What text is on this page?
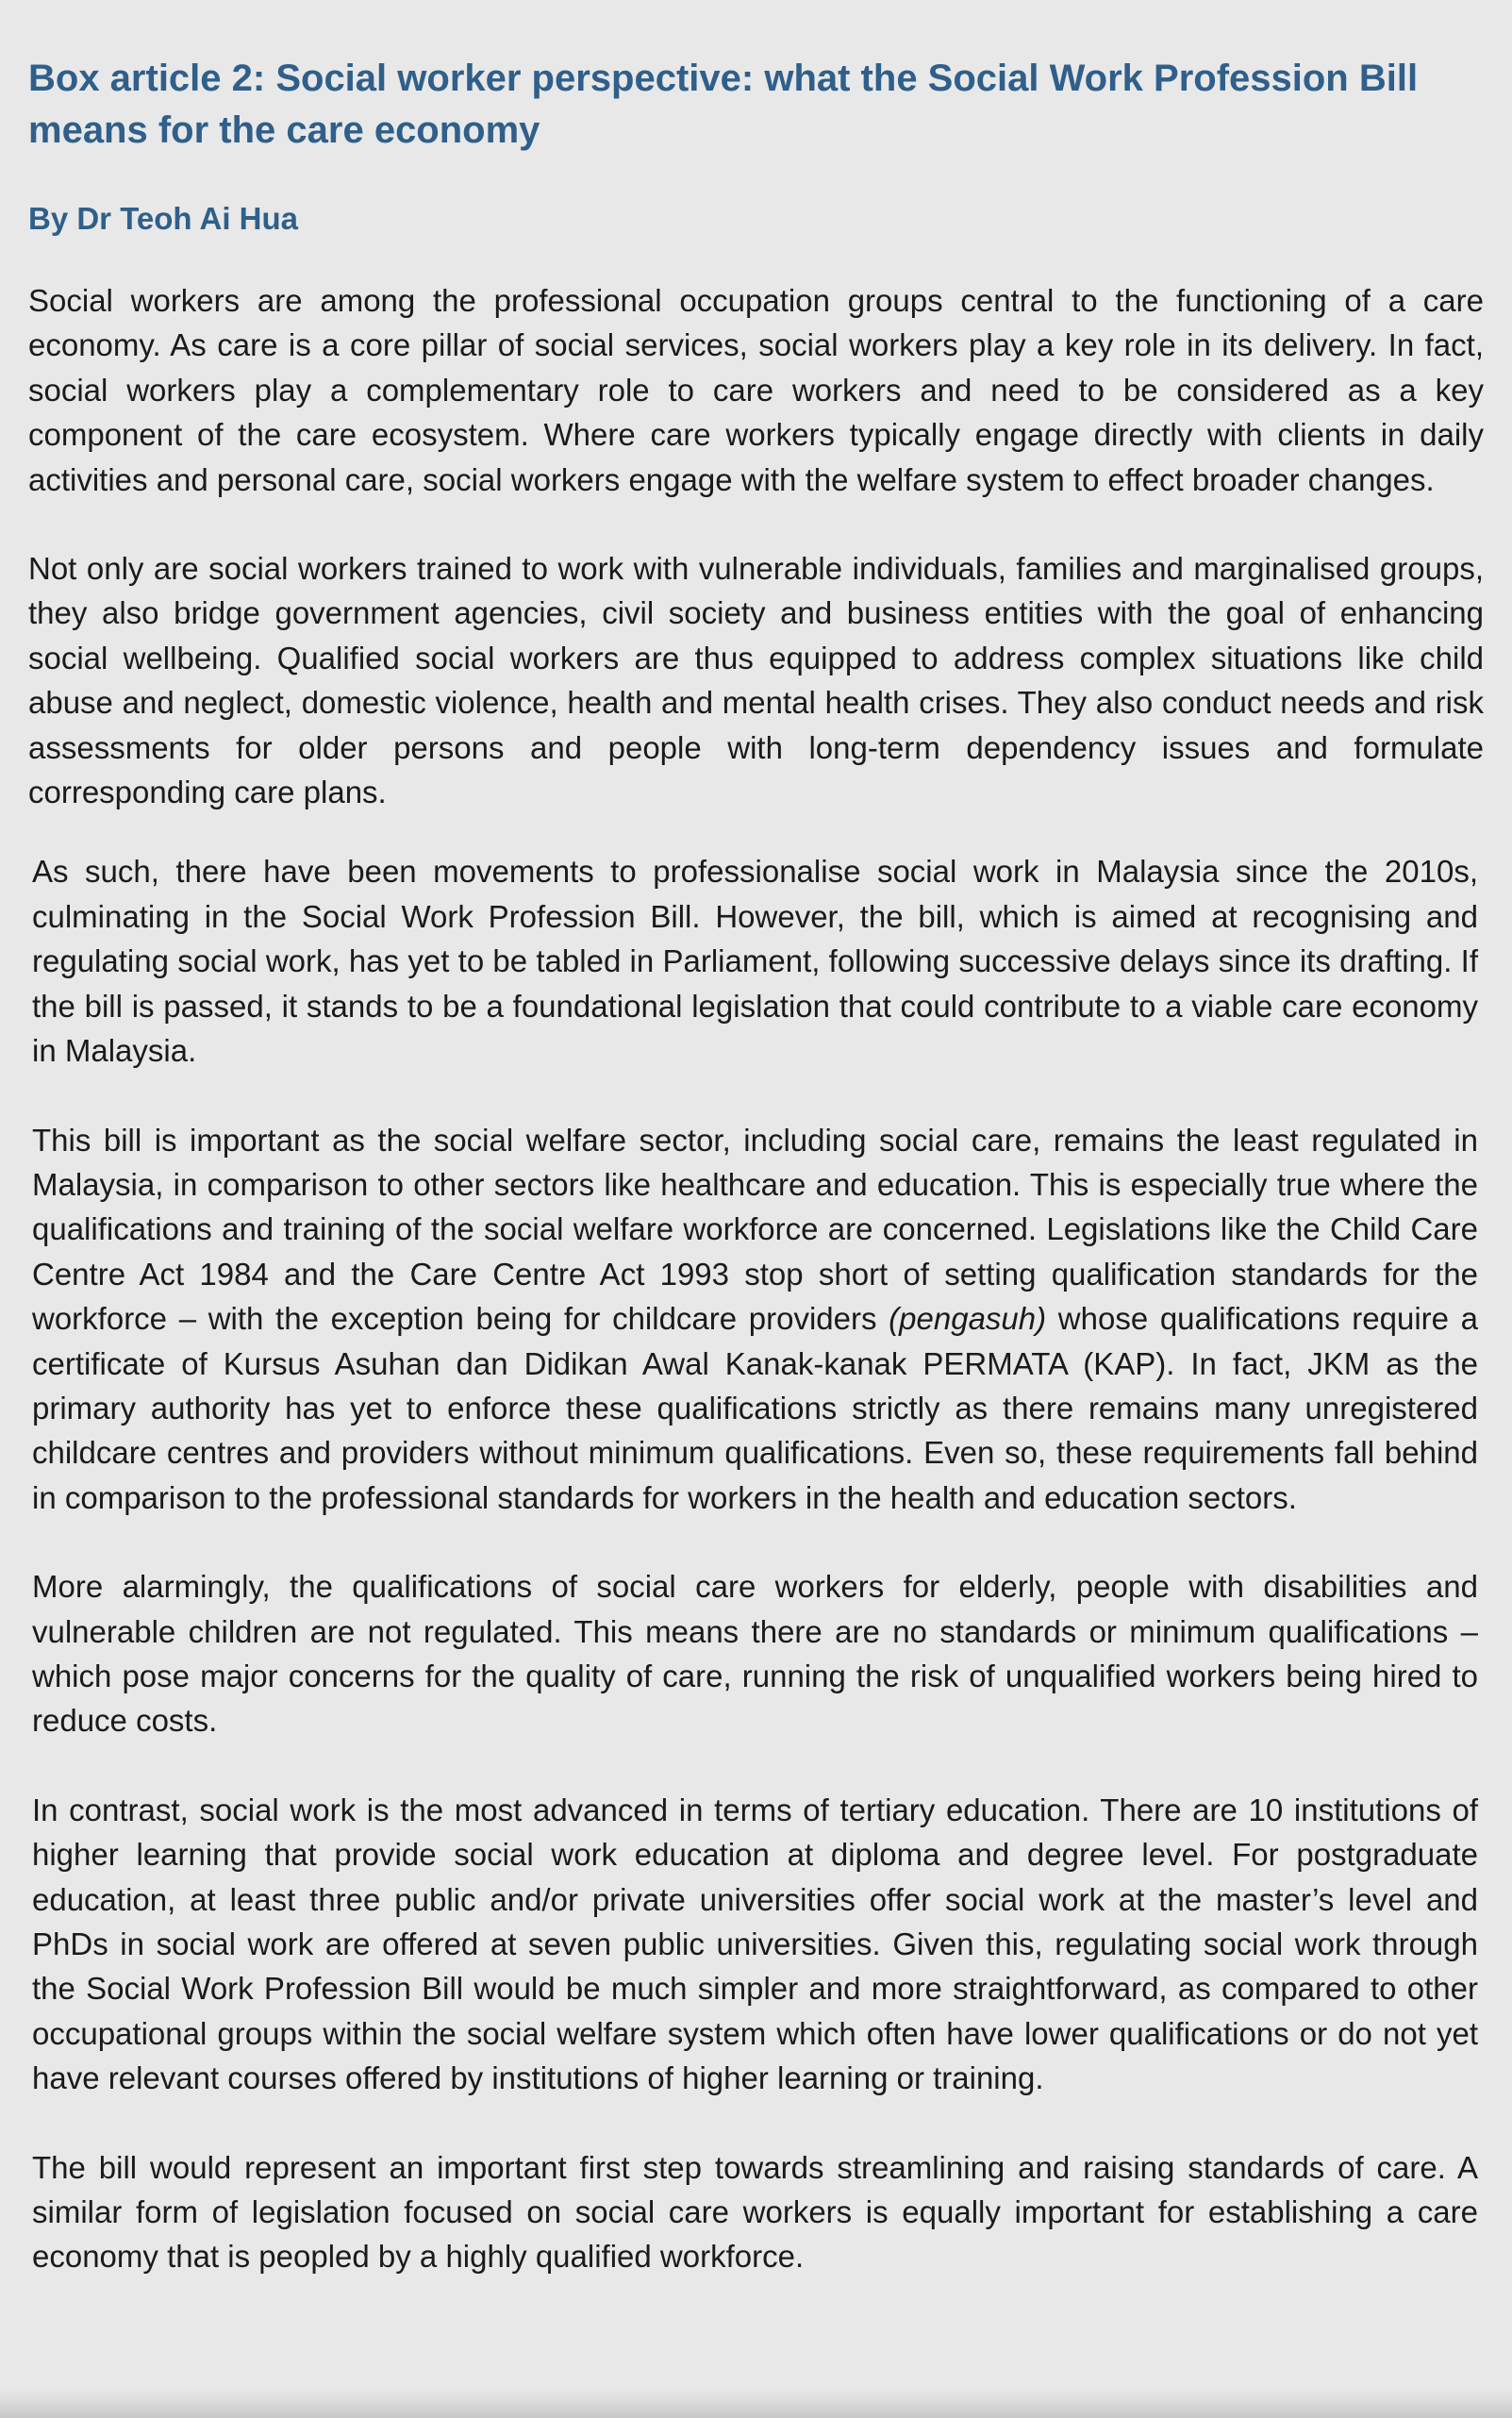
Box article 2: Social worker perspective: what the Social Work Profession Bill means for the care economy

By Dr Teoh Ai Hua

Social workers are among the professional occupation groups central to the functioning of a care economy. As care is a core pillar of social services, social workers play a key role in its delivery. In fact, social workers play a complementary role to care workers and need to be considered as a key component of the care ecosystem. Where care workers typically engage directly with clients in daily activities and personal care, social workers engage with the welfare system to effect broader changes.

Not only are social workers trained to work with vulnerable individuals, families and marginalised groups, they also bridge government agencies, civil society and business entities with the goal of enhancing social wellbeing. Qualified social workers are thus equipped to address complex situations like child abuse and neglect, domestic violence, health and mental health crises. They also conduct needs and risk assessments for older persons and people with long-term dependency issues and formulate corresponding care plans.

As such, there have been movements to professionalise social work in Malaysia since the 2010s, culminating in the Social Work Profession Bill. However, the bill, which is aimed at recognising and regulating social work, has yet to be tabled in Parliament, following successive delays since its drafting. If the bill is passed, it stands to be a foundational legislation that could contribute to a viable care economy in Malaysia.

This bill is important as the social welfare sector, including social care, remains the least regulated in Malaysia, in comparison to other sectors like healthcare and education. This is especially true where the qualifications and training of the social welfare workforce are concerned. Legislations like the Child Care Centre Act 1984 and the Care Centre Act 1993 stop short of setting qualification standards for the workforce – with the exception being for childcare providers (pengasuh) whose qualifications require a certificate of Kursus Asuhan dan Didikan Awal Kanak-kanak PERMATA (KAP). In fact, JKM as the primary authority has yet to enforce these qualifications strictly as there remains many unregistered childcare centres and providers without minimum qualifications. Even so, these requirements fall behind in comparison to the professional standards for workers in the health and education sectors.

More alarmingly, the qualifications of social care workers for elderly, people with disabilities and vulnerable children are not regulated. This means there are no standards or minimum qualifications – which pose major concerns for the quality of care, running the risk of unqualified workers being hired to reduce costs.

In contrast, social work is the most advanced in terms of tertiary education. There are 10 institutions of higher learning that provide social work education at diploma and degree level. For postgraduate education, at least three public and/or private universities offer social work at the master’s level and PhDs in social work are offered at seven public universities. Given this, regulating social work through the Social Work Profession Bill would be much simpler and more straightforward, as compared to other occupational groups within the social welfare system which often have lower qualifications or do not yet have relevant courses offered by institutions of higher learning or training.

The bill would represent an important first step towards streamlining and raising standards of care. A similar form of legislation focused on social care workers is equally important for establishing a care economy that is peopled by a highly qualified workforce.
